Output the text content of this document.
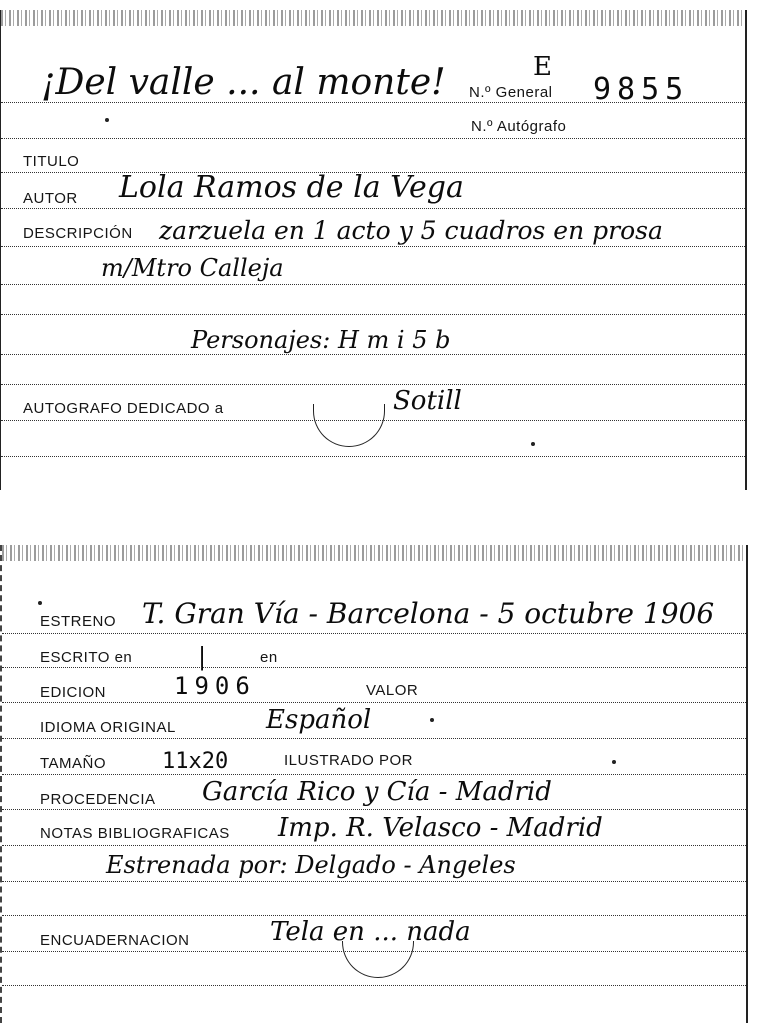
¡Del valle ... al monte!	E
N.º General 9855
N.º Autógrafo
TITULO
AUTOR Lola Ramos de la Vega
DESCRIPCIÓN zarzuela en 1 acto y 5 cuadros en prosa
m/Mtro Calleja
Personajes: H m i 5 b
AUTOGRAFO DEDICADO a	Sotill
ESTRENO T. Gran Vía - Barcelona - 5 octubre 1906
ESCRITO en	en
|
EDICION	1906	VALOR
IDIOMA ORIGINAL	Español
TAMAÑO	11x20	ILUSTRADO POR
PROCEDENCIA García Rico y Cía - Madrid
NOTAS BIBLIOGRAFICAS Imp. R. Velasco - Madrid
Estrenada por: Delgado - Angeles
ENCUADERNACION	Tela en ... nada
